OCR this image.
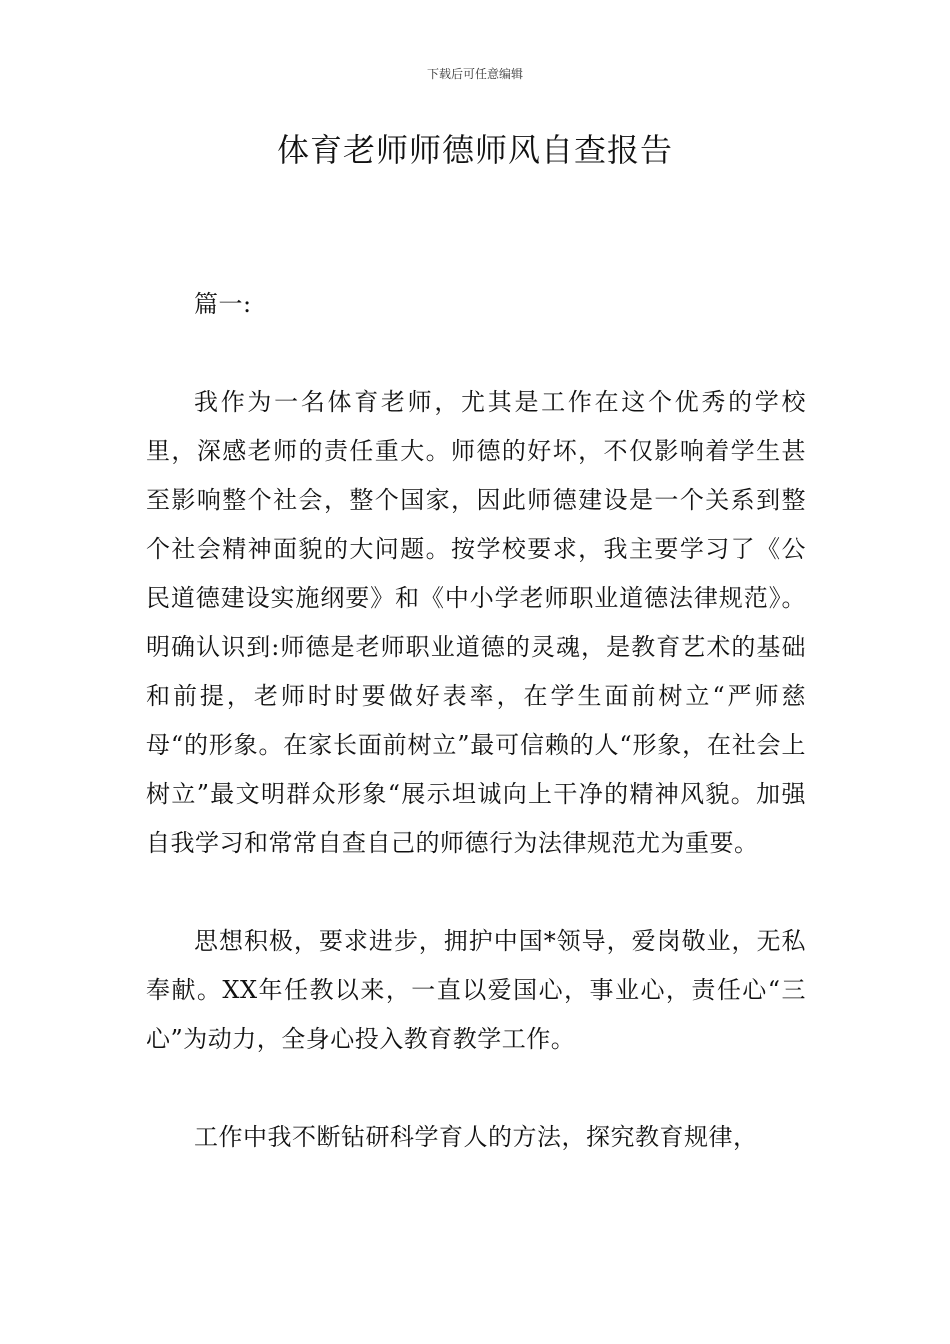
下载后可任意编辑
体育老师师德师风自查报告

篇一:

我作为一名体育老师，尤其是工作在这个优秀的学校里，深感老师的责任重大。师德的好坏，不仅影响着学生甚至影响整个社会，整个国家，因此师德建设是一个关系到整个社会精神面貌的大问题。按学校要求，我主要学习了《公民道德建设实施纲要》和《中小学老师职业道德法律规范》。明确认识到:师德是老师职业道德的灵魂，是教育艺术的基础和前提，老师时时要做好表率，在学生面前树立“严师慈母“的形象。在家长面前树立”最可信赖的人“形象，在社会上树立”最文明群众形象“展示坦诚向上干净的精神风貌。加强自我学习和常常自查自己的师德行为法律规范尤为重要。

思想积极，要求进步，拥护中国*领导，爱岗敬业，无私奉献。XX年任教以来，一直以爱国心，事业心，责任心“三心”为动力，全身心投入教育教学工作。

工作中我不断钻研科学育人的方法，探究教育规律，
